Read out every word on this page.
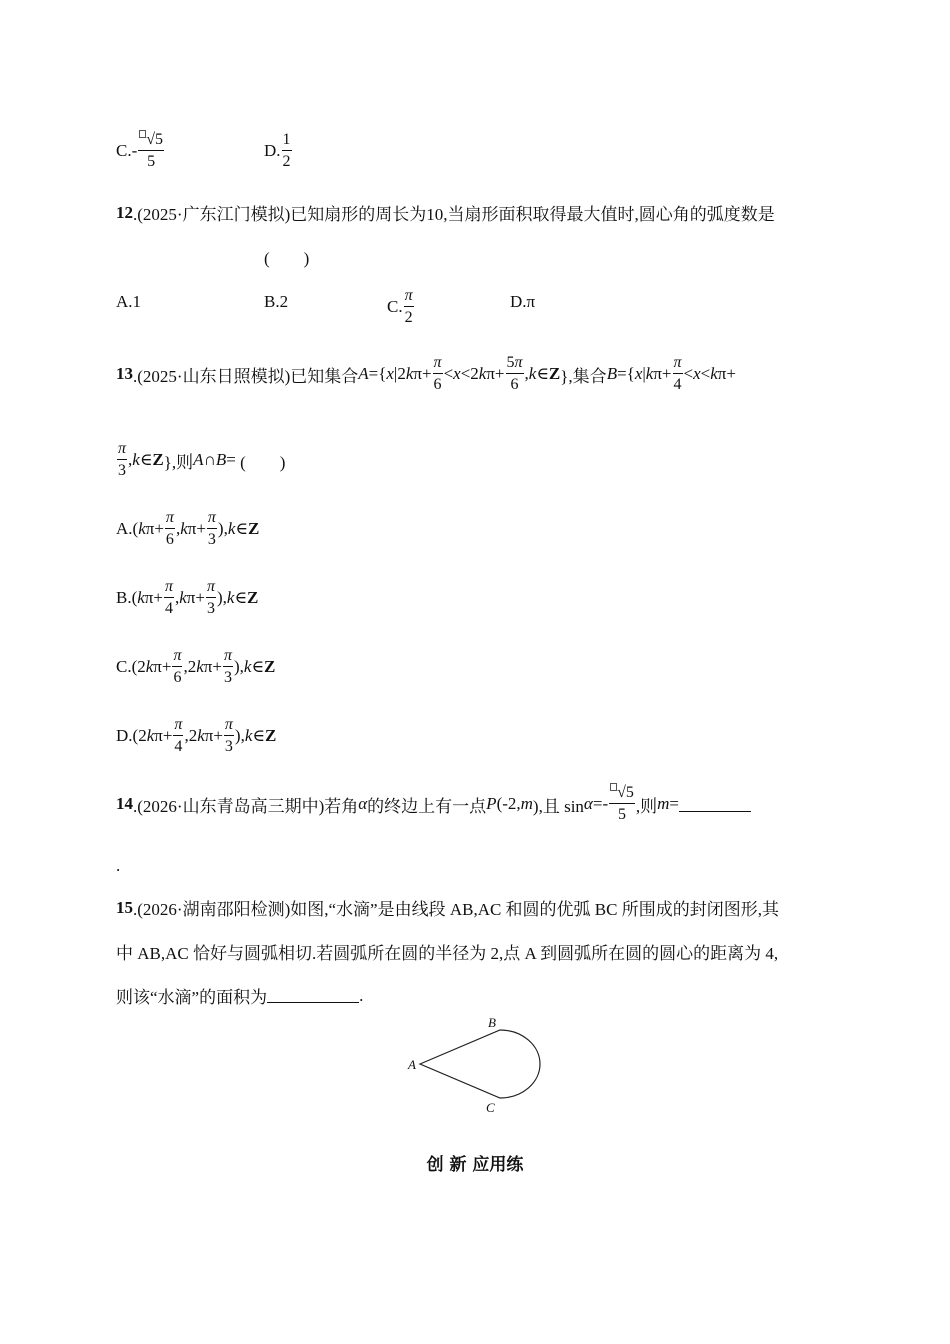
$C.- \frac{√ 5}{5}$	D. $\frac{1}{2}$
12 .(2025·广东江门模拟)已知扇形的周长为10,当扇形面积取得最大值时,圆心角的弧度数是
(　　)
A.1	B.2	C. $\frac{\pi}{2}$	D.π
13 .(2025·山东日照模拟)已知集合 A ={ x |2 k $\pi+ \frac{\pi}{6} < x <2$ k $\pi+ \frac{5\pi}{6}$ , k ∈ Z },集合 B ={ x | k $\pi+ \frac{\pi}{4} < x < k$ π+
$\frac{\pi}{3}$ , k ∈ Z },则 A ∩ B = (　　)
A.( k $\pi+ \frac{\pi}{6}$ , k $\pi+ \frac{\pi}{3}$ ), k ∈ Z
B.( k $\pi+ \frac{\pi}{4}$ , k $\pi+ \frac{\pi}{3}$ ), k ∈ Z
C.(2 k $\pi+ \frac{\pi}{6}$ , 2 k $\pi+ \frac{\pi}{3}$ ), k ∈ Z
D.(2 k $\pi+ \frac{\pi}{4}$ , 2 k $\pi+ \frac{\pi}{3}$ ), k ∈ Z
14 .(2026·山东青岛高三期中)若角 α 的终边上有一点 P (-2, m ),且 $\sin \alpha =- \frac{√ 5}{5}$ ,则 m =
.
15 .(2026·湖南邵阳检测)如图,“水滴”是由线段 AB,AC 和圆的优弧 BC 所围成的封闭图形,其
中 AB,AC 恰好与圆弧相切.若圆弧所在圆的半径为 2,点 A 到圆弧所在圆的圆心的距离为 4,
则该“水滴”的面积为	.
A
B
C
创 新 应用练
